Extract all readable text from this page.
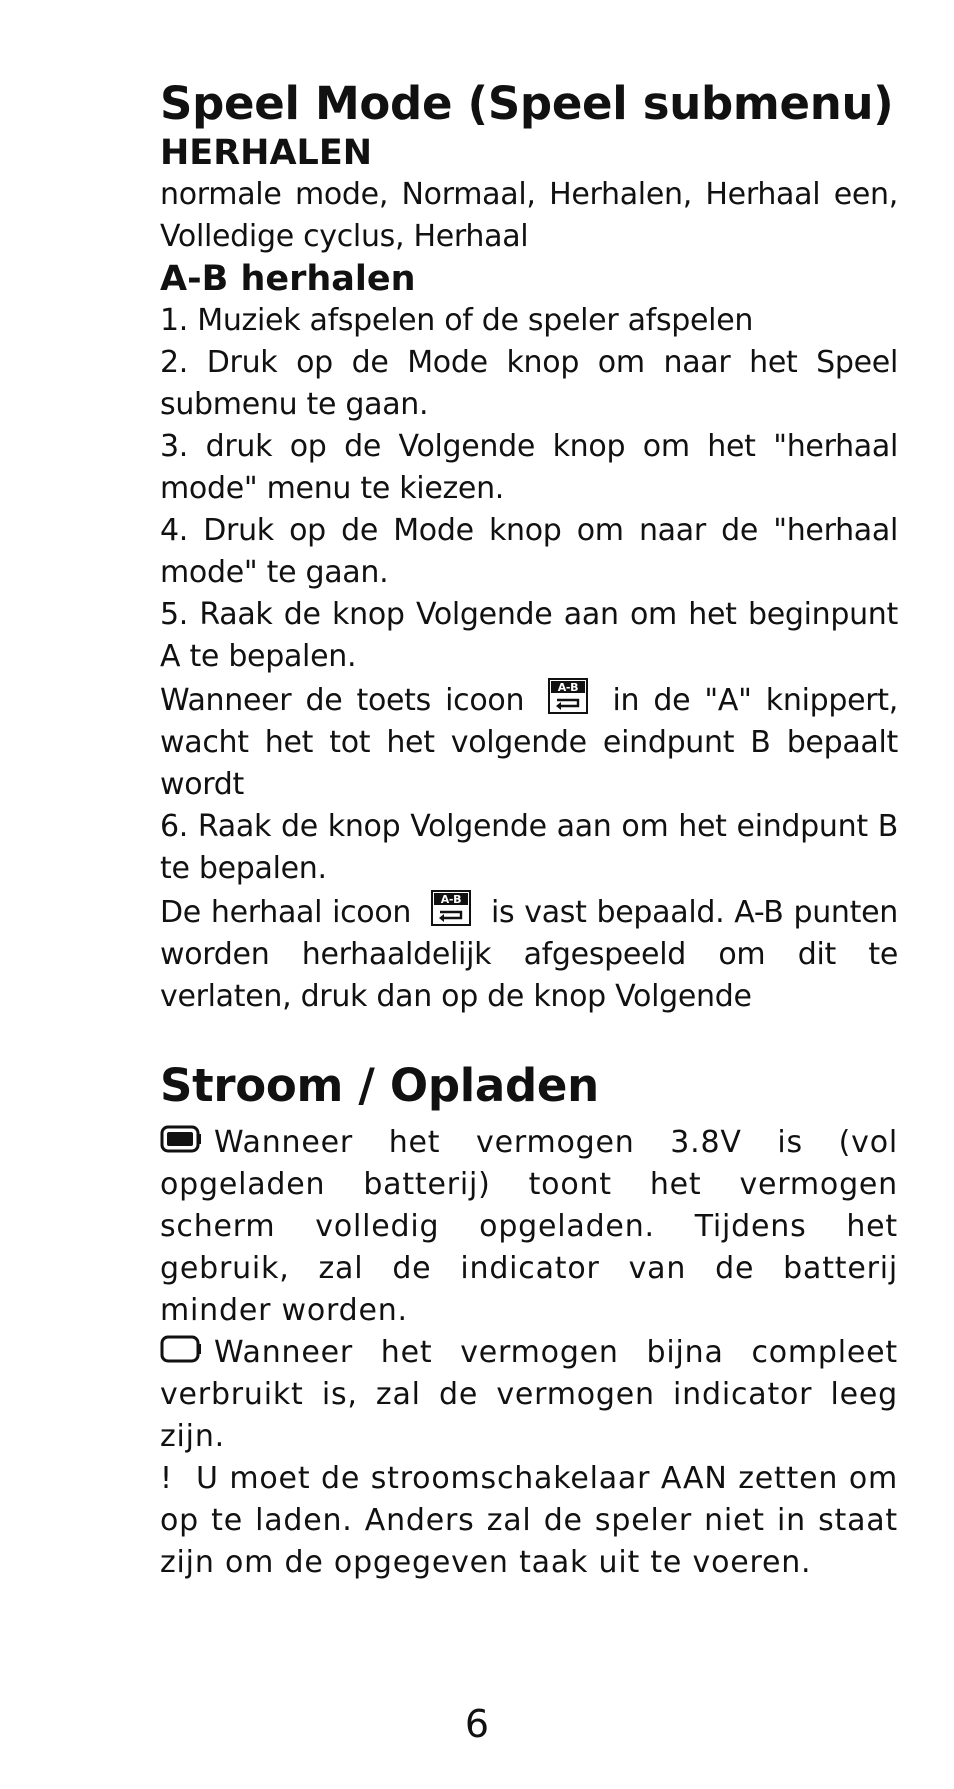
Speel Mode (Speel submenu)
HERHALEN

normale mode, Normaal, Herhalen, Herhaal een, Volledige cyclus, Herhaal

A-B herhalen

1. Muziek afspelen of de speler afspelen

2. Druk op de Mode knop om naar het Speel submenu te gaan.

3. druk op de Volgende knop om het "herhaal mode" menu te kiezen.

4. Druk op de Mode knop om naar de "herhaal mode" te gaan.

5. Raak de knop Volgende aan om het beginpunt A te bepalen.

Wanneer de toets icoon	A-B in de "A" knippert, wacht het tot het volgende eindpunt B bepaalt wordt

6. Raak de knop Volgende aan om het eindpunt B te bepalen.

De herhaal icoon	A-B is vast bepaald. A-B punten worden herhaaldelijk afgespeeld om dit te verlaten, druk dan op de knop Volgende

Stroom / Opladen

Wanneer het vermogen 3.8V is (vol opgeladen batterij) toont het vermogen scherm volledig opgeladen. Tijdens het gebruik, zal de indicator van de batterij minder worden.

Wanneer het vermogen bijna compleet verbruikt is, zal de vermogen indicator leeg zijn.

! U moet de stroomschakelaar AAN zetten om op te laden. Anders zal de speler niet in staat zijn om de opgegeven taak uit te voeren.

6
